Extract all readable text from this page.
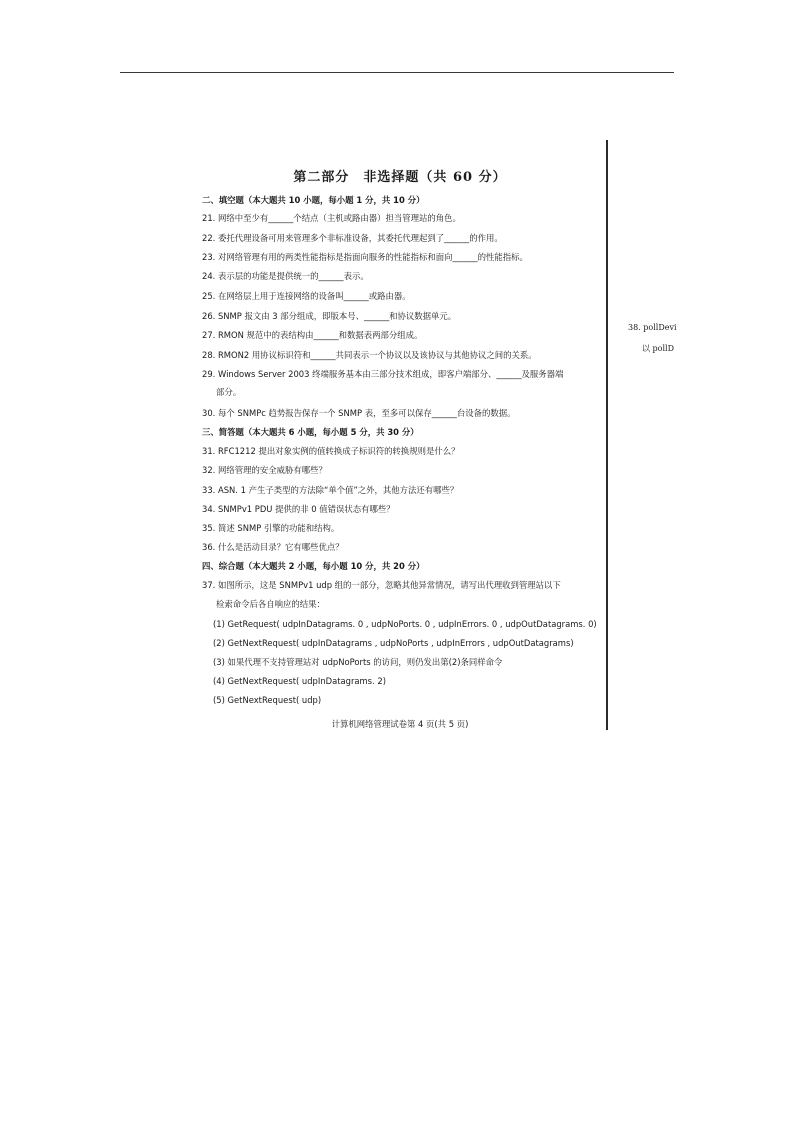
38. pollDevi
以 pollD
第二部分　非选择题（共 60 分）
二、填空题（本大题共 10 小题，每小题 1 分，共 10 分）
21. 网络中至少有______个结点（主机或路由器）担当管理站的角色。
22. 委托代理设备可用来管理多个非标准设备，其委托代理起到了______的作用。
23. 对网络管理有用的两类性能指标是指面向服务的性能指标和面向______的性能指标。
24. 表示层的功能是提供统一的______表示。
25. 在网络层上用于连接网络的设备叫______或路由器。
26. SNMP 报文由 3 部分组成，即版本号、______和协议数据单元。
27. RMON 规范中的表结构由______和数据表两部分组成。
28. RMON2 用协议标识符和______共同表示一个协议以及该协议与其他协议之间的关系。
29. Windows Server 2003 终端服务基本由三部分技术组成，即客户端部分、______及服务器端
部分。
30. 每个 SNMPc 趋势报告保存一个 SNMP 表，至多可以保存______台设备的数据。
三、简答题（本大题共 6 小题，每小题 5 分，共 30 分）
31. RFC1212 提出对象实例的值转换成子标识符的转换规则是什么？
32. 网络管理的安全威胁有哪些？
33. ASN. 1 产生子类型的方法除“单个值”之外，其他方法还有哪些？
34. SNMPv1 PDU 提供的非 0 值错误状态有哪些？
35. 简述 SNMP 引擎的功能和结构。
36. 什么是活动目录？它有哪些优点？
四、综合题（本大题共 2 小题，每小题 10 分，共 20 分）
37. 如图所示，这是 SNMPv1 udp 组的一部分，忽略其他异常情况，请写出代理收到管理站以下
检索命令后各自响应的结果：
(1) GetRequest( udpInDatagrams. 0 , udpNoPorts. 0 , udpInErrors. 0 , udpOutDatagrams. 0)
(2) GetNextRequest( udpInDatagrams , udpNoPorts , udpInErrors , udpOutDatagrams)
(3) 如果代理不支持管理站对 udpNoPorts 的访问，则仍发出第(2)条同样命令
(4) GetNextRequest( udpInDatagrams. 2)
(5) GetNextRequest( udp)
计算机网络管理试卷第 4 页(共 5 页)
